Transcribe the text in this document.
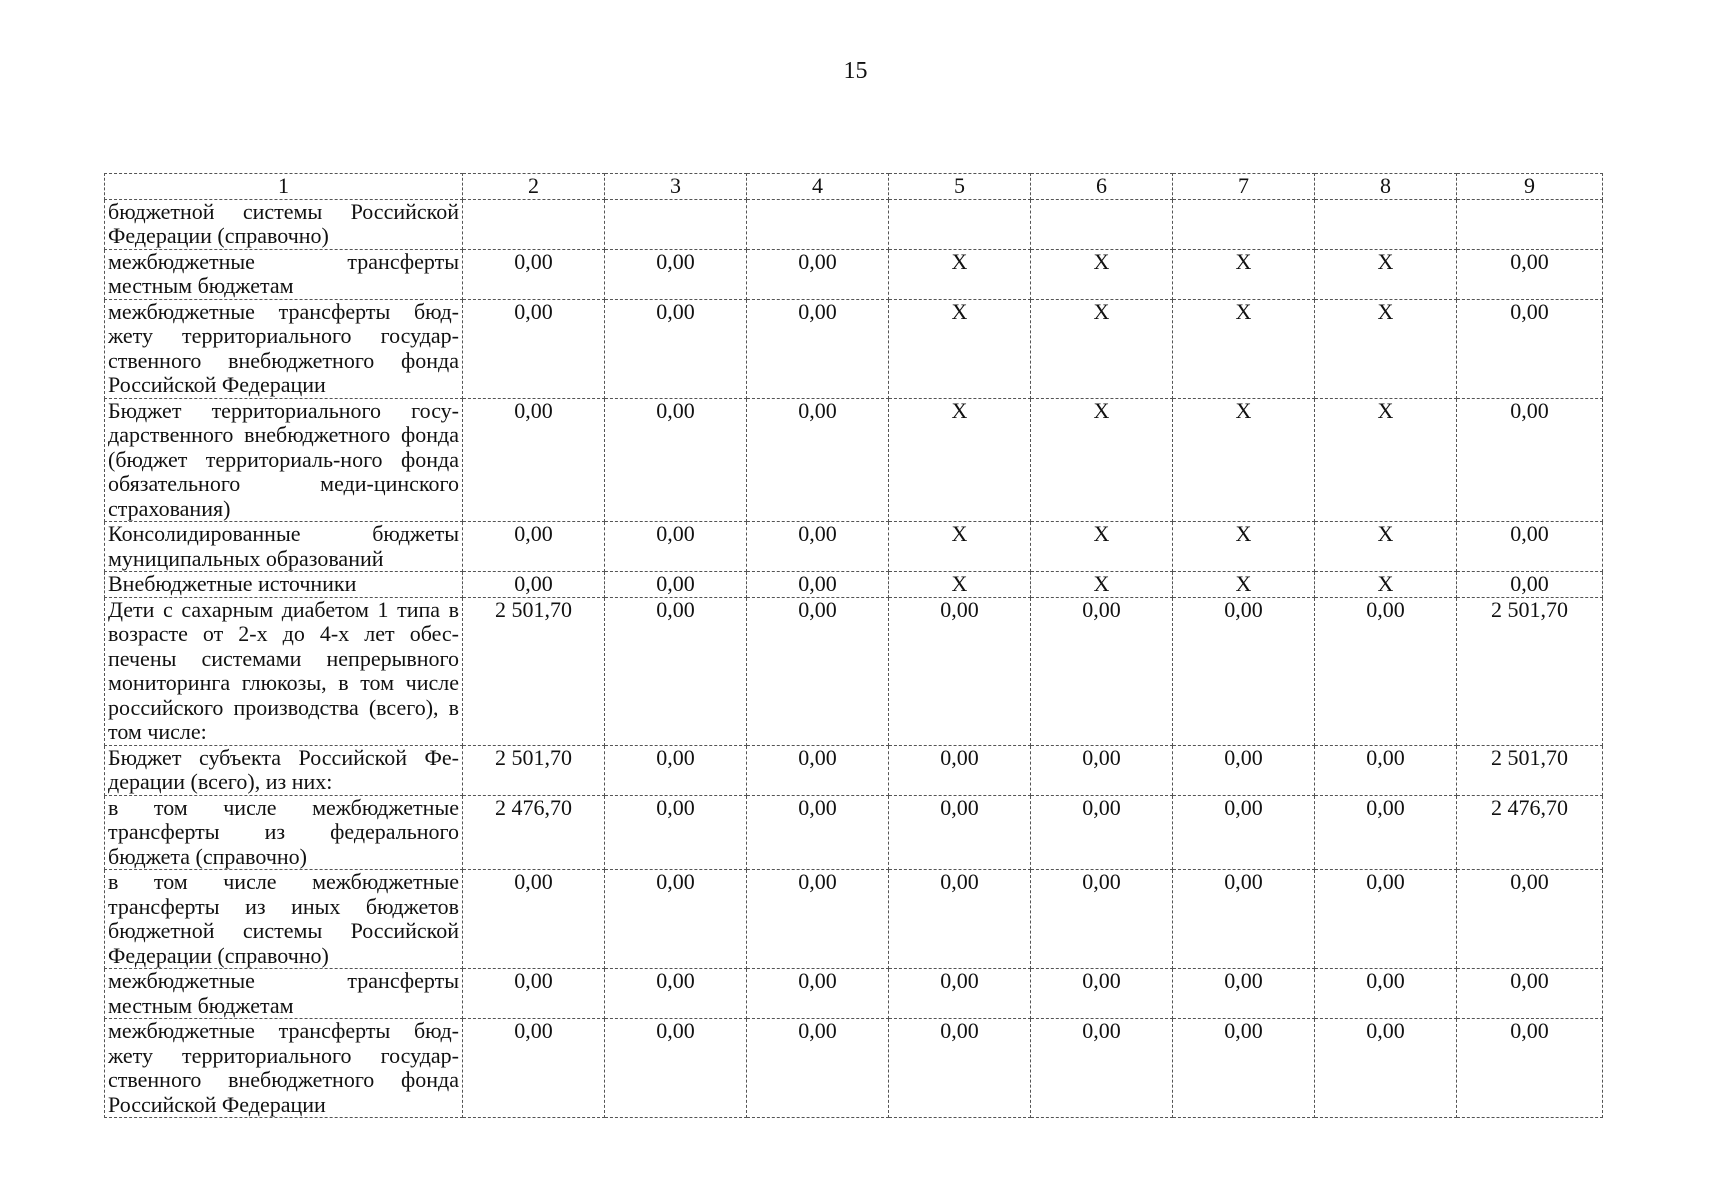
15
1	2	3	4	5	6	7	8	9
бюджетной системы Российской Федерации (справочно)								
межбюджетные трансферты местным бюджетам	0,00	0,00	0,00	X	X	X	X	0,00
межбюджетные трансферты бюд-жету территориального государ-ственного внебюджетного фонда Российской Федерации	0,00	0,00	0,00	X	X	X	X	0,00
Бюджет территориального госу-дарственного внебюджетного фонда (бюджет территориаль-ного фонда обязательного меди-цинского страхования)	0,00	0,00	0,00	X	X	X	X	0,00
Консолидированные бюджеты муниципальных образований	0,00	0,00	0,00	X	X	X	X	0,00
Внебюджетные источники	0,00	0,00	0,00	X	X	X	X	0,00
Дети с сахарным диабетом 1 типа в возрасте от 2-х до 4-х лет обес-печены системами непрерывного мониторинга глюкозы, в том числе российского производства (всего), в том числе:	2 501,70	0,00	0,00	0,00	0,00	0,00	0,00	2 501,70
Бюджет субъекта Российской Фе-дерации (всего), из них:	2 501,70	0,00	0,00	0,00	0,00	0,00	0,00	2 501,70
в том числе межбюджетные трансферты из федерального бюджета (справочно)	2 476,70	0,00	0,00	0,00	0,00	0,00	0,00	2 476,70
в том числе межбюджетные трансферты из иных бюджетов бюджетной системы Российской Федерации (справочно)	0,00	0,00	0,00	0,00	0,00	0,00	0,00	0,00
межбюджетные трансферты местным бюджетам	0,00	0,00	0,00	0,00	0,00	0,00	0,00	0,00
межбюджетные трансферты бюд-жету территориального государ-ственного внебюджетного фонда Российской Федерации	0,00	0,00	0,00	0,00	0,00	0,00	0,00	0,00
